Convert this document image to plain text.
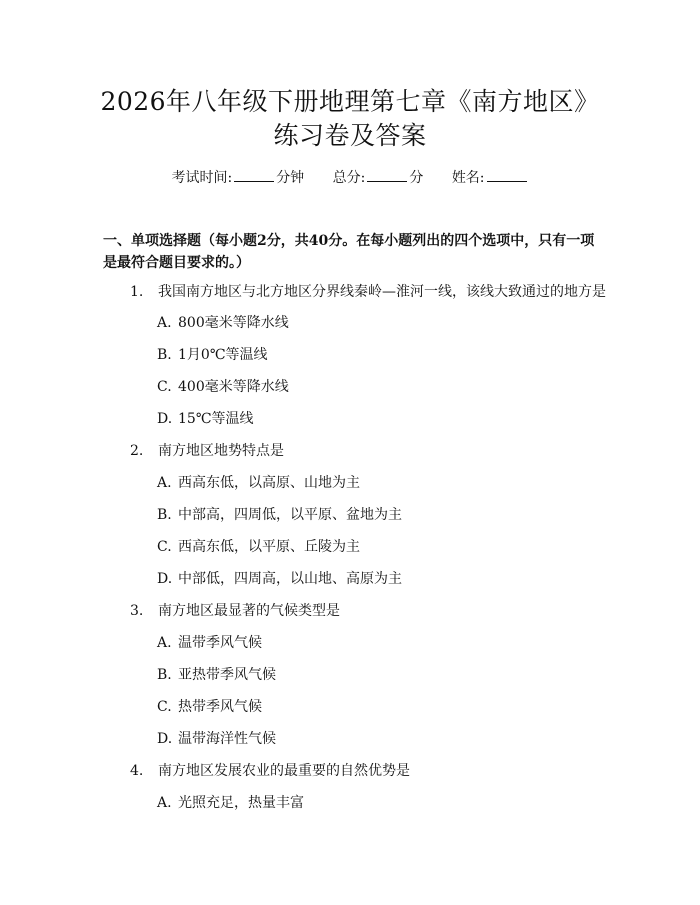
2026年八年级下册地理第七章《南方地区》
练习卷及答案
考试时间:	分钟 总分:	分 姓名:
一、单项选择题（每小题2分，共40分。在每小题列出的四个选项中，只有一项是最符合题目要求的。）
1. 我国南方地区与北方地区分界线秦岭—淮河一线，该线大致通过的地方是
A. 800毫米等降水线
B. 1月0℃等温线
C. 400毫米等降水线
D. 15℃等温线
2. 南方地区地势特点是
A. 西高东低，以高原、山地为主
B. 中部高，四周低，以平原、盆地为主
C. 西高东低，以平原、丘陵为主
D. 中部低，四周高，以山地、高原为主
3. 南方地区最显著的气候类型是
A. 温带季风气候
B. 亚热带季风气候
C. 热带季风气候
D. 温带海洋性气候
4. 南方地区发展农业的最重要的自然优势是
A. 光照充足，热量丰富
